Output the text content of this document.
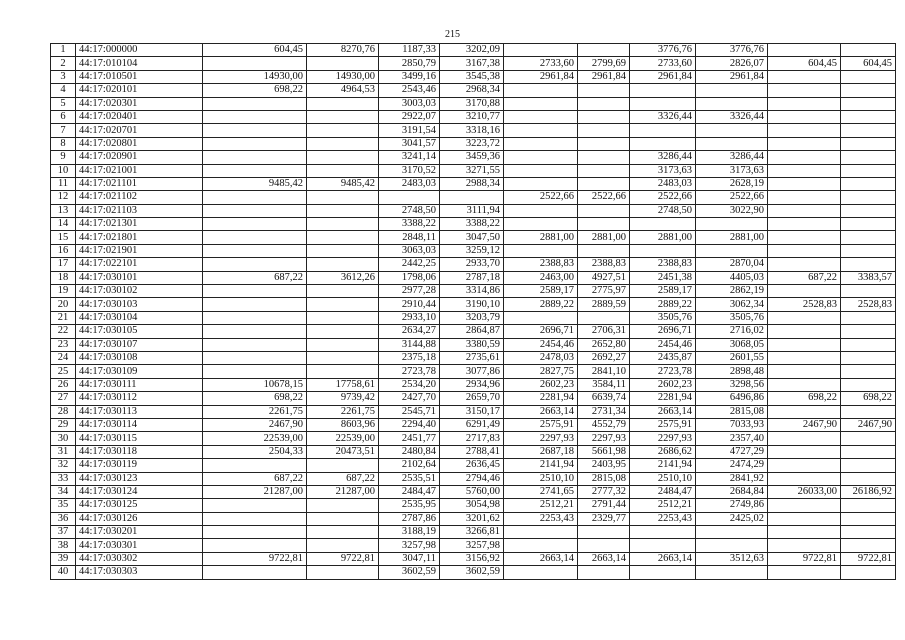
215
1	44:17:000000	604,45	8270,76	1187,33	3202,09			3776,76	3776,76		
2	44:17:010104			2850,79	3167,38	2733,60	2799,69	2733,60	2826,07	604,45	604,45
3	44:17:010501	14930,00	14930,00	3499,16	3545,38	2961,84	2961,84	2961,84	2961,84		
4	44:17:020101	698,22	4964,53	2543,46	2968,34						
5	44:17:020301			3003,03	3170,88						
6	44:17:020401			2922,07	3210,77			3326,44	3326,44		
7	44:17:020701			3191,54	3318,16						
8	44:17:020801			3041,57	3223,72						
9	44:17:020901			3241,14	3459,36			3286,44	3286,44		
10	44:17:021001			3170,52	3271,55			3173,63	3173,63		
11	44:17:021101	9485,42	9485,42	2483,03	2988,34			2483,03	2628,19		
12	44:17:021102					2522,66	2522,66	2522,66	2522,66		
13	44:17:021103			2748,50	3111,94			2748,50	3022,90		
14	44:17:021301			3388,22	3388,22						
15	44:17:021801			2848,11	3047,50	2881,00	2881,00	2881,00	2881,00		
16	44:17:021901			3063,03	3259,12						
17	44:17:022101			2442,25	2933,70	2388,83	2388,83	2388,83	2870,04		
18	44:17:030101	687,22	3612,26	1798,06	2787,18	2463,00	4927,51	2451,38	4405,03	687,22	3383,57
19	44:17:030102			2977,28	3314,86	2589,17	2775,97	2589,17	2862,19		
20	44:17:030103			2910,44	3190,10	2889,22	2889,59	2889,22	3062,34	2528,83	2528,83
21	44:17:030104			2933,10	3203,79			3505,76	3505,76		
22	44:17:030105			2634,27	2864,87	2696,71	2706,31	2696,71	2716,02		
23	44:17:030107			3144,88	3380,59	2454,46	2652,80	2454,46	3068,05		
24	44:17:030108			2375,18	2735,61	2478,03	2692,27	2435,87	2601,55		
25	44:17:030109			2723,78	3077,86	2827,75	2841,10	2723,78	2898,48		
26	44:17:030111	10678,15	17758,61	2534,20	2934,96	2602,23	3584,11	2602,23	3298,56		
27	44:17:030112	698,22	9739,42	2427,70	2659,70	2281,94	6639,74	2281,94	6496,86	698,22	698,22
28	44:17:030113	2261,75	2261,75	2545,71	3150,17	2663,14	2731,34	2663,14	2815,08		
29	44:17:030114	2467,90	8603,96	2294,40	6291,49	2575,91	4552,79	2575,91	7033,93	2467,90	2467,90
30	44:17:030115	22539,00	22539,00	2451,77	2717,83	2297,93	2297,93	2297,93	2357,40		
31	44:17:030118	2504,33	20473,51	2480,84	2788,41	2687,18	5661,98	2686,62	4727,29		
32	44:17:030119			2102,64	2636,45	2141,94	2403,95	2141,94	2474,29		
33	44:17:030123	687,22	687,22	2535,51	2794,46	2510,10	2815,08	2510,10	2841,92		
34	44:17:030124	21287,00	21287,00	2484,47	5760,00	2741,65	2777,32	2484,47	2684,84	26033,00	26186,92
35	44:17:030125			2535,95	3054,98	2512,21	2791,44	2512,21	2749,86		
36	44:17:030126			2787,86	3201,62	2253,43	2329,77	2253,43	2425,02		
37	44:17:030201			3188,19	3266,81						
38	44:17:030301			3257,98	3257,98						
39	44:17:030302	9722,81	9722,81	3047,11	3156,92	2663,14	2663,14	2663,14	3512,63	9722,81	9722,81
40	44:17:030303			3602,59	3602,59						
